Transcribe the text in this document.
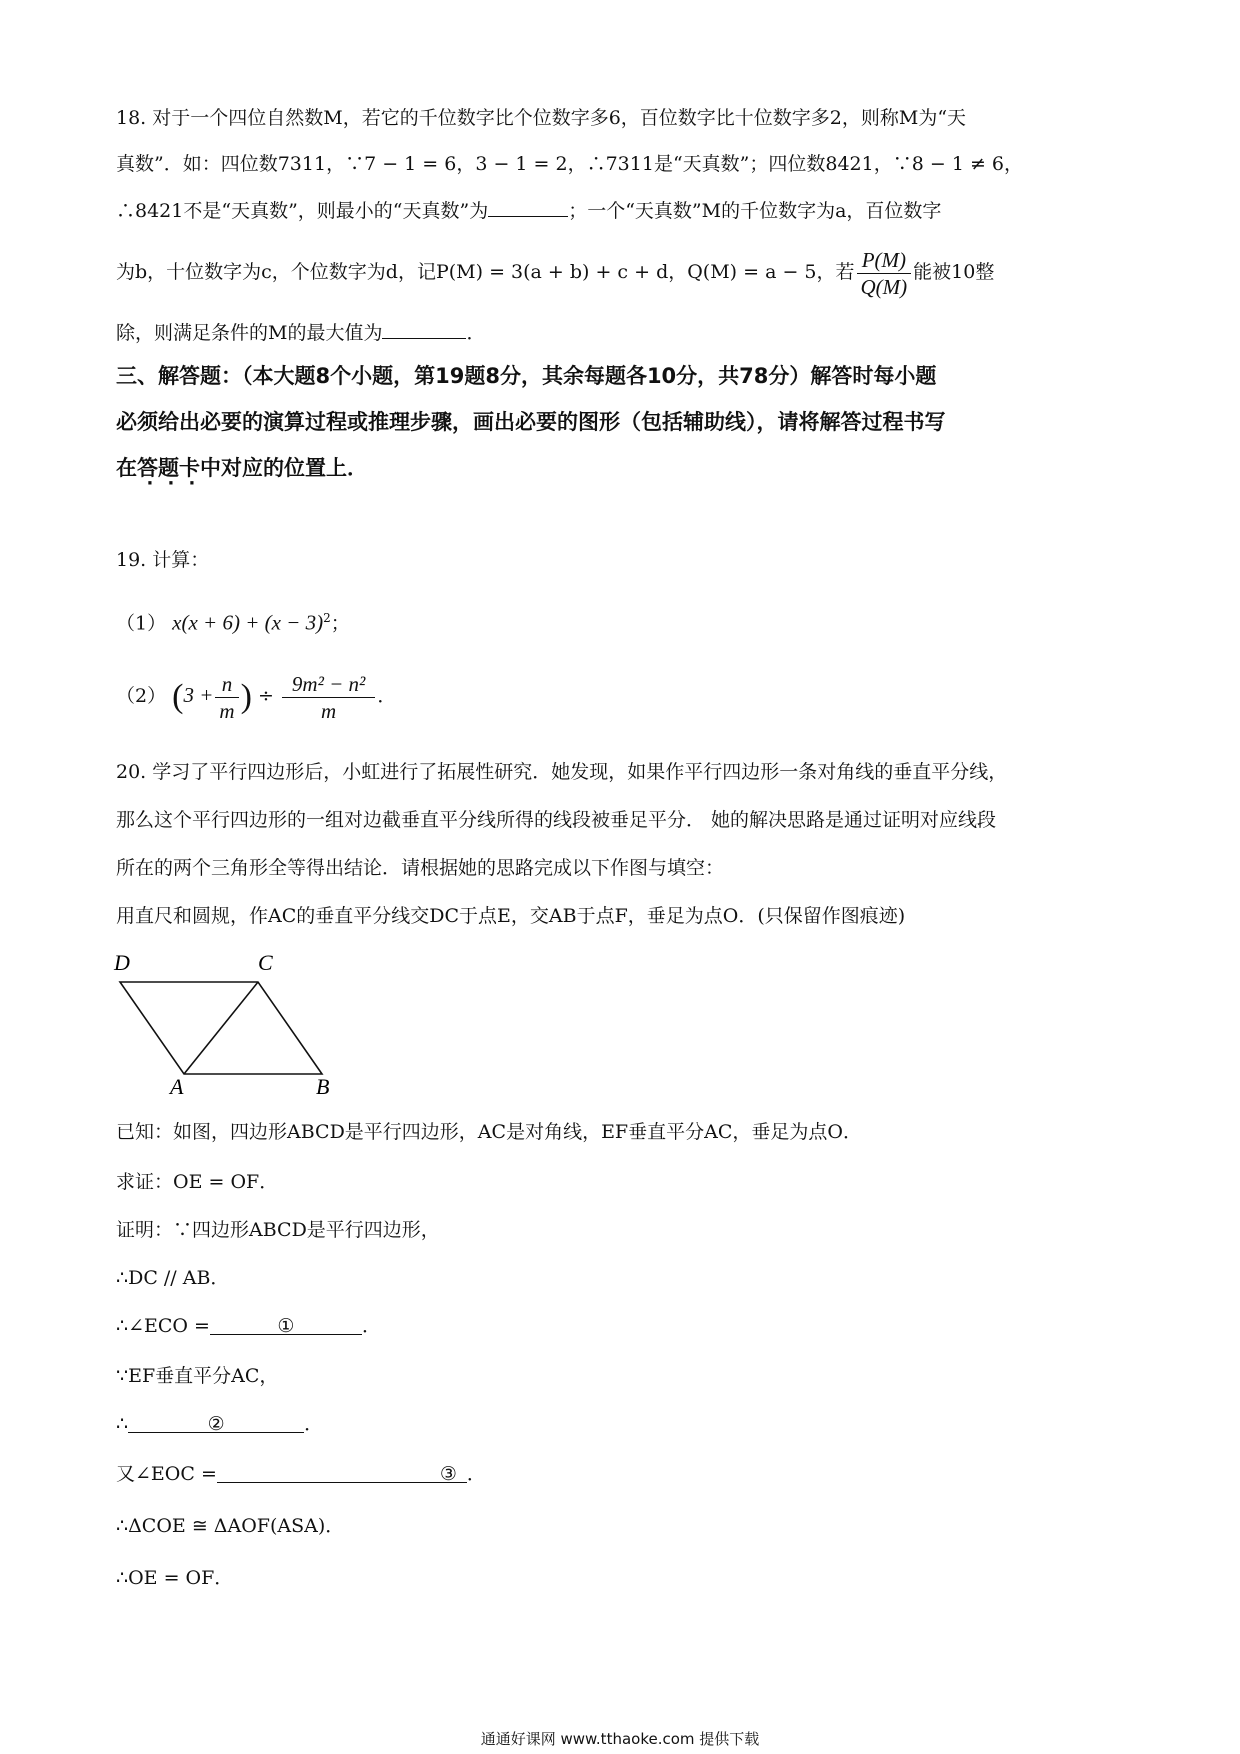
18. 对于一个四位自然数M，若它的千位数字比个位数字多6，百位数字比十位数字多2，则称M为“天
真数”．如：四位数7311，∵7 − 1 = 6，3 − 1 = 2，∴7311是“天真数”；四位数8421，∵8 − 1 ≠ 6，
∴8421不是“天真数”，则最小的“天真数”为	；一个“天真数”M的千位数字为a，百位数字
为b，十位数字为c，个位数字为d，记P(M) = 3(a + b) + c + d，Q(M) = a − 5，若 $\frac{P(M)}{Q(M)}$ 能被10整
除，则满足条件的M的最大值为	．
三、解答题：（本大题8个小题，第19题8分，其余每题各10分，共78分）解答时每小题
必须给出必要的演算过程或推理步骤，画出必要的图形（包括辅助线），请将解答过程书写
在答题卡中对应的位置上．
19. 计算：
（1） $x(x + 6) + (x - 3)^2$；
（2） ($3 + \frac{n}{m}$ ) ÷ $\frac{\text{9m² − n²}}{m}$ ．
20. 学习了平行四边形后，小虹进行了拓展性研究．她发现，如果作平行四边形一条对角线的垂直平分线，
那么这个平行四边形的一组对边截垂直平分线所得的线段被垂足平分． 她的解决思路是通过证明对应线段
所在的两个三角形全等得出结论．请根据她的思路完成以下作图与填空：
用直尺和圆规，作AC的垂直平分线交DC于点E，交AB于点F，垂足为点O．(只保留作图痕迹)
D	C
A	B
已知：如图，四边形ABCD是平行四边形，AC是对角线，EF垂直平分AC，垂足为点O．
求证：OE = OF．
证明：∵四边形ABCD是平行四边形，
∴DC // AB．
∴∠ECO =	①	．
∵EF垂直平分AC，
∴	②	．
又∠EOC =	③ ．
∴ΔCOE ≅ ΔAOF(ASA)．
∴OE = OF．
通通好课网 www.tthaoke.com 提供下载
